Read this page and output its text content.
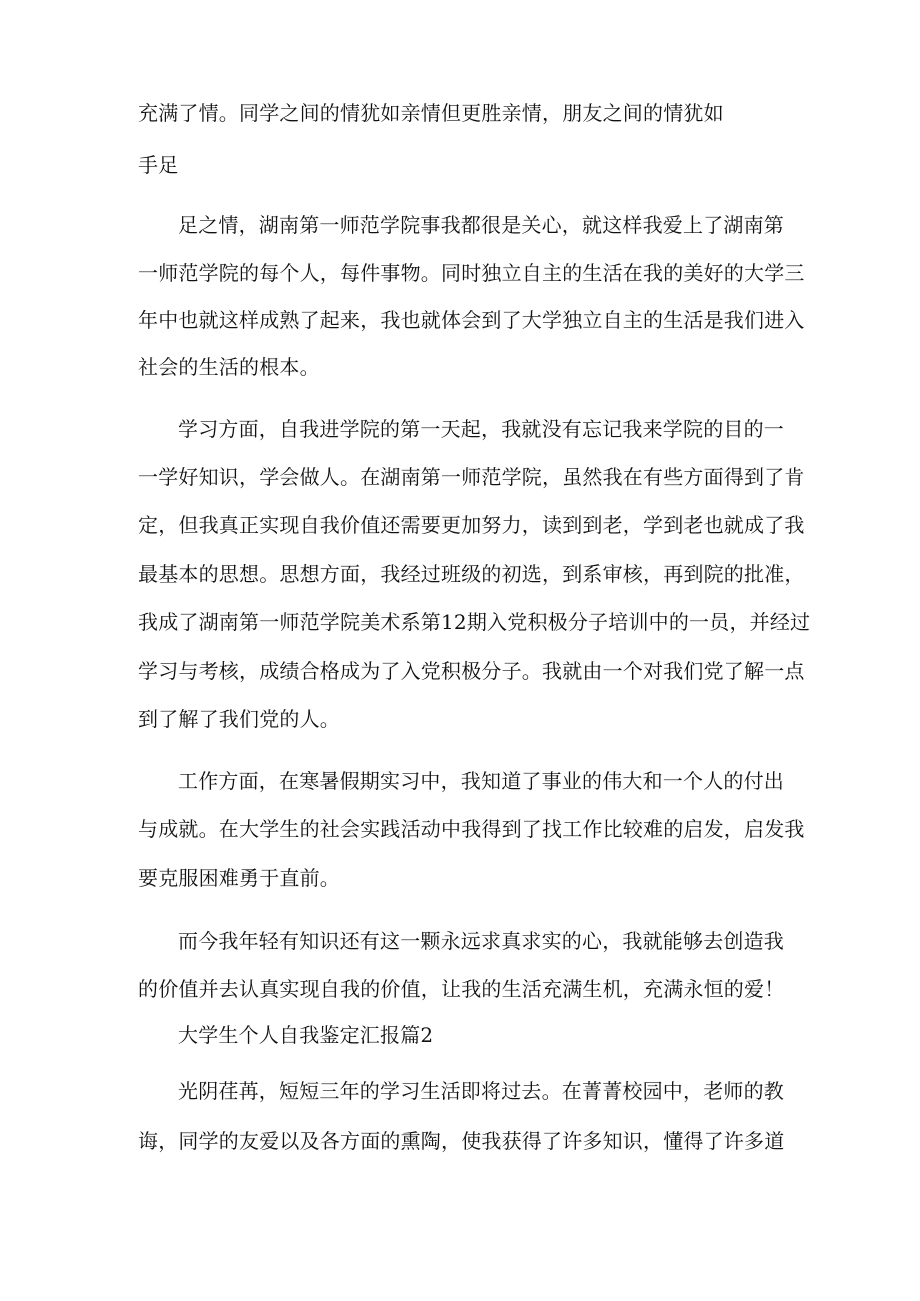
充满了情。同学之间的情犹如亲情但更胜亲情，朋友之间的情犹如
手足
足之情，湖南第一师范学院事我都很是关心，就这样我爱上了湖南第
一师范学院的每个人，每件事物。同时独立自主的生活在我的美好的大学三
年中也就这样成熟了起来，我也就体会到了大学独立自主的生活是我们进入
社会的生活的根本。
学习方面，自我进学院的第一天起，我就没有忘记我来学院的目的一
一学好知识，学会做人。在湖南第一师范学院，虽然我在有些方面得到了肯
定，但我真正实现自我价值还需要更加努力，读到到老，学到老也就成了我
最基本的思想。思想方面，我经过班级的初选，到系审核，再到院的批准，
我成了湖南第一师范学院美术系第12期入党积极分子培训中的一员，并经过
学习与考核，成绩合格成为了入党积极分子。我就由一个对我们党了解一点
到了解了我们党的人。
工作方面，在寒暑假期实习中，我知道了事业的伟大和一个人的付出
与成就。在大学生的社会实践活动中我得到了找工作比较难的启发，启发我
要克服困难勇于直前。
而今我年轻有知识还有这一颗永远求真求实的心，我就能够去创造我
的价值并去认真实现自我的价值，让我的生活充满生机，充满永恒的爱！
大学生个人自我鉴定汇报篇2
光阴荏苒，短短三年的学习生活即将过去。在菁菁校园中，老师的教
诲，同学的友爱以及各方面的熏陶，使我获得了许多知识，懂得了许多道
